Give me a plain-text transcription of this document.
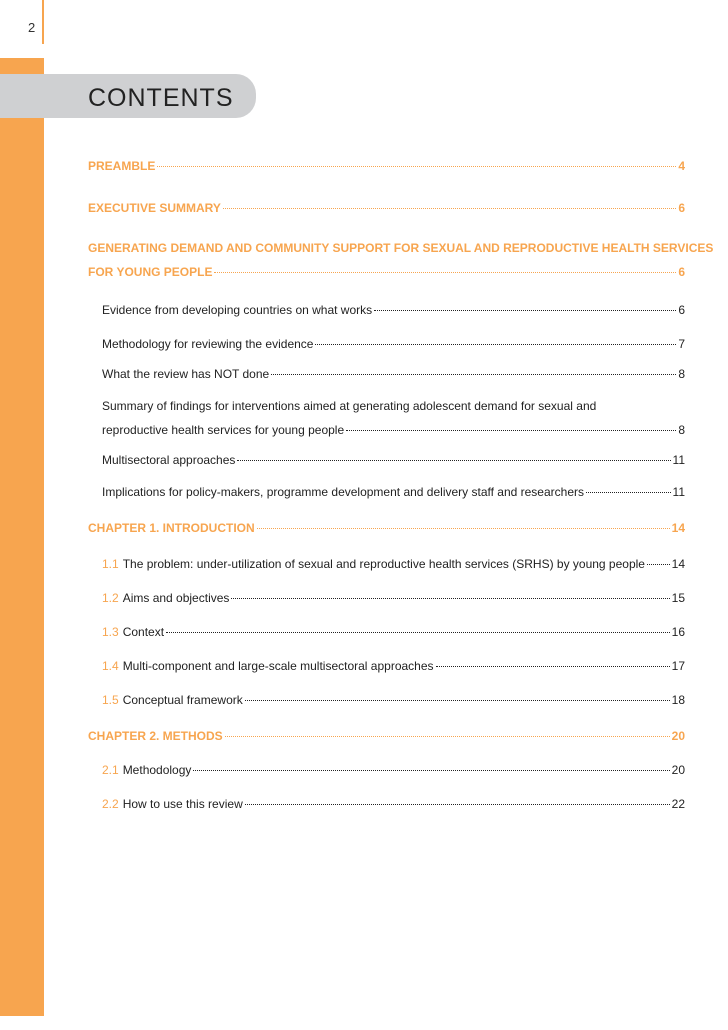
2
CONTENTS
PREAMBLE	4
EXECUTIVE SUMMARY	6
GENERATING DEMAND AND COMMUNITY SUPPORT FOR SEXUAL AND REPRODUCTIVE HEALTH SERVICES
FOR YOUNG PEOPLE	6
Evidence from developing countries on what works	6
Methodology for reviewing the evidence	7
What the review has NOT done	8
Summary of findings for interventions aimed at generating adolescent demand for sexual and
reproductive health services for young people	8
Multisectoral approaches	11
Implications for policy-makers, programme development and delivery staff and researchers	11
CHAPTER 1. INTRODUCTION	14
1.1 The problem: under-utilization of sexual and reproductive health services (SRHS) by young people 14
1.2 Aims and objectives	15
1.3 Context	16
1.4 Multi-component and large-scale multisectoral approaches	17
1.5 Conceptual framework	18
CHAPTER 2. METHODS	20
2.1 Methodology	20
2.2 How to use this review	22
